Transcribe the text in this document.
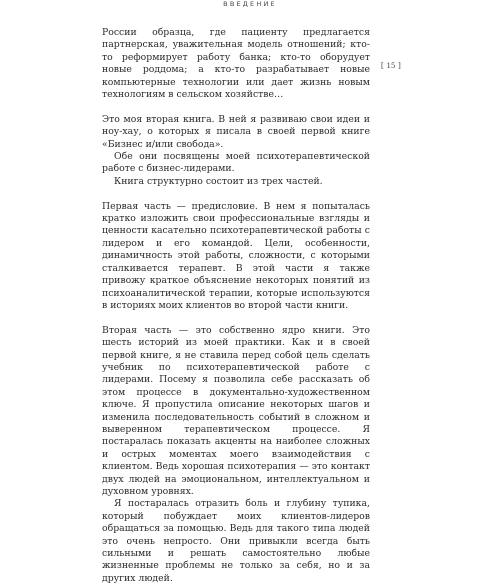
ВВЕДЕНИЕ
[ 15 ]

России образца, где пациенту предлагается партнерская, уважительная модель отношений; кто-то реформирует работу банка; кто-то оборудует новые роддома; а кто-то разрабатывает новые компьютерные технологии или дает жизнь новым технологиям в сельском хозяйстве…

Это моя вторая книга. В ней я развиваю свои идеи и ноу-хау, о которых я писала в своей первой книге «Бизнес и/или свобода».

Обе они посвящены моей психотерапевтической работе с бизнес-лидерами.

Книга структурно состоит из трех частей.

Первая часть — предисловие. В нем я попыталась кратко изложить свои профессиональные взгляды и ценности касательно психотерапевтической работы с лидером и его командой. Цели, особенности, динамичность этой работы, сложности, с которыми сталкивается терапевт. В этой части я также привожу краткое объяснение некоторых понятий из психоаналитической терапии, которые используются в историях моих клиентов во второй части книги.

Вторая часть — это собственно ядро книги. Это шесть историй из моей практики. Как и в своей первой книге, я не ставила перед собой цель сделать учебник по психотерапевтической работе с лидерами. Посему я позволила себе рассказать об этом процессе в документально-художественном ключе. Я пропустила описание некоторых шагов и изменила последовательность событий в сложном и выверенном терапевтическом процессе. Я постаралась показать акценты на наиболее сложных и острых моментах моего взаимодействия с клиентом. Ведь хорошая психотерапия — это контакт двух людей на эмоциональном, интеллектуальном и духовном уровнях.

Я постаралась отразить боль и глубину тупика, который побуждает моих клиентов-лидеров обращаться за помощью. Ведь для такого типа людей это очень непросто. Они привыкли всегда быть сильными и решать самостоятельно любые жизненные проблемы не только за себя, но и за других людей.
